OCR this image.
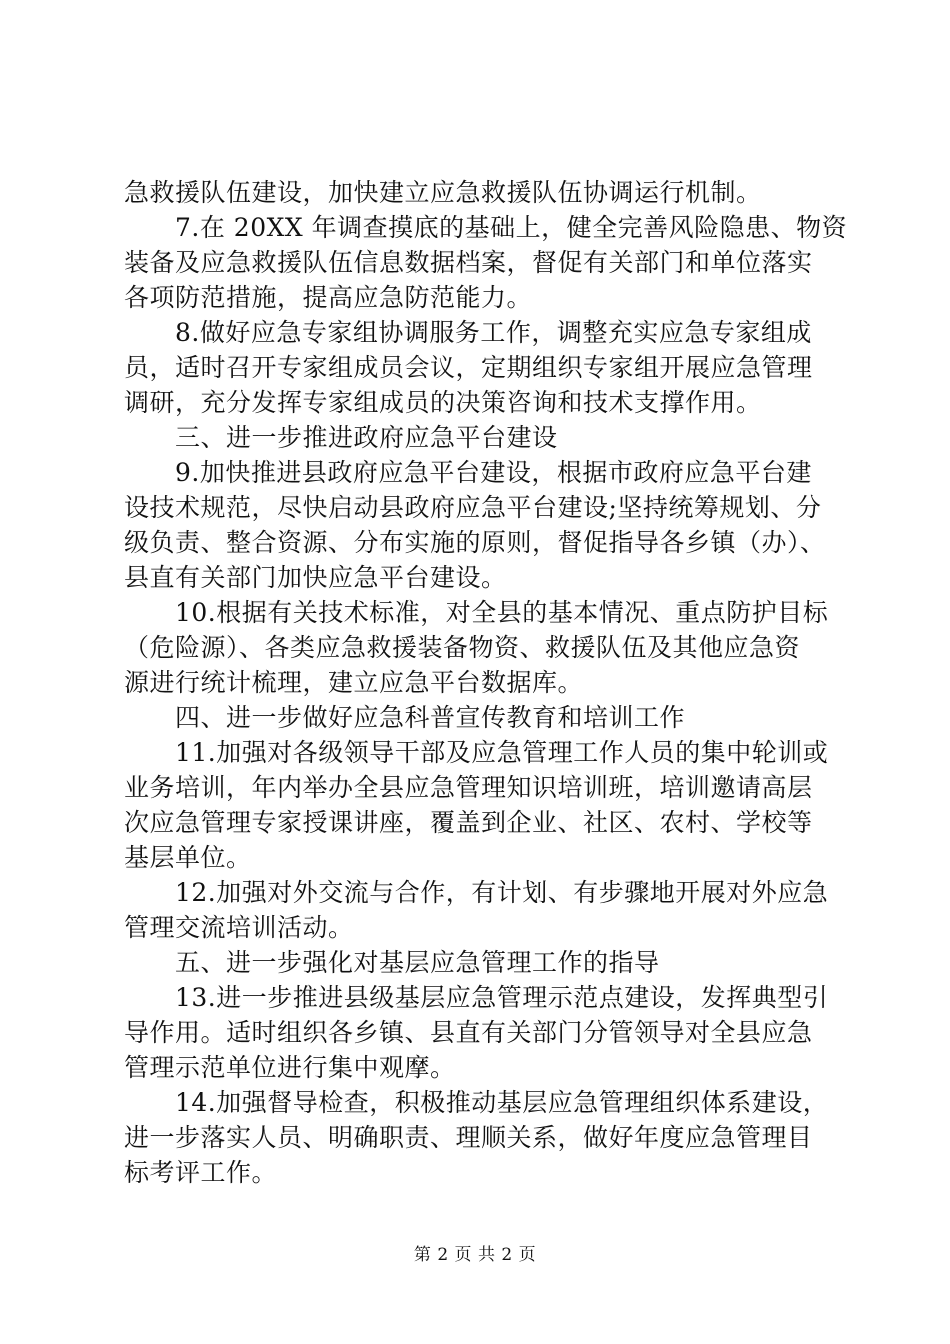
急救援队伍建设，加快建立应急救援队伍协调运行机制。
7.在 20XX 年调查摸底的基础上，健全完善风险隐患、物资
装备及应急救援队伍信息数据档案，督促有关部门和单位落实
各项防范措施，提高应急防范能力。
8.做好应急专家组协调服务工作，调整充实应急专家组成
员，适时召开专家组成员会议，定期组织专家组开展应急管理
调研，充分发挥专家组成员的决策咨询和技术支撑作用。
三、进一步推进政府应急平台建设
9.加快推进县政府应急平台建设，根据市政府应急平台建
设技术规范，尽快启动县政府应急平台建设;坚持统筹规划、分
级负责、整合资源、分布实施的原则，督促指导各乡镇（办）、
县直有关部门加快应急平台建设。
10.根据有关技术标准，对全县的基本情况、重点防护目标
（危险源）、各类应急救援装备物资、救援队伍及其他应急资
源进行统计梳理，建立应急平台数据库。
四、进一步做好应急科普宣传教育和培训工作
11.加强对各级领导干部及应急管理工作人员的集中轮训或
业务培训，年内举办全县应急管理知识培训班，培训邀请高层
次应急管理专家授课讲座，覆盖到企业、社区、农村、学校等
基层单位。
12.加强对外交流与合作，有计划、有步骤地开展对外应急
管理交流培训活动。
五、进一步强化对基层应急管理工作的指导
13.进一步推进县级基层应急管理示范点建设，发挥典型引
导作用。适时组织各乡镇、县直有关部门分管领导对全县应急
管理示范单位进行集中观摩。
14.加强督导检查，积极推动基层应急管理组织体系建设，
进一步落实人员、明确职责、理顺关系，做好年度应急管理目
标考评工作。
第 2 页 共 2 页
